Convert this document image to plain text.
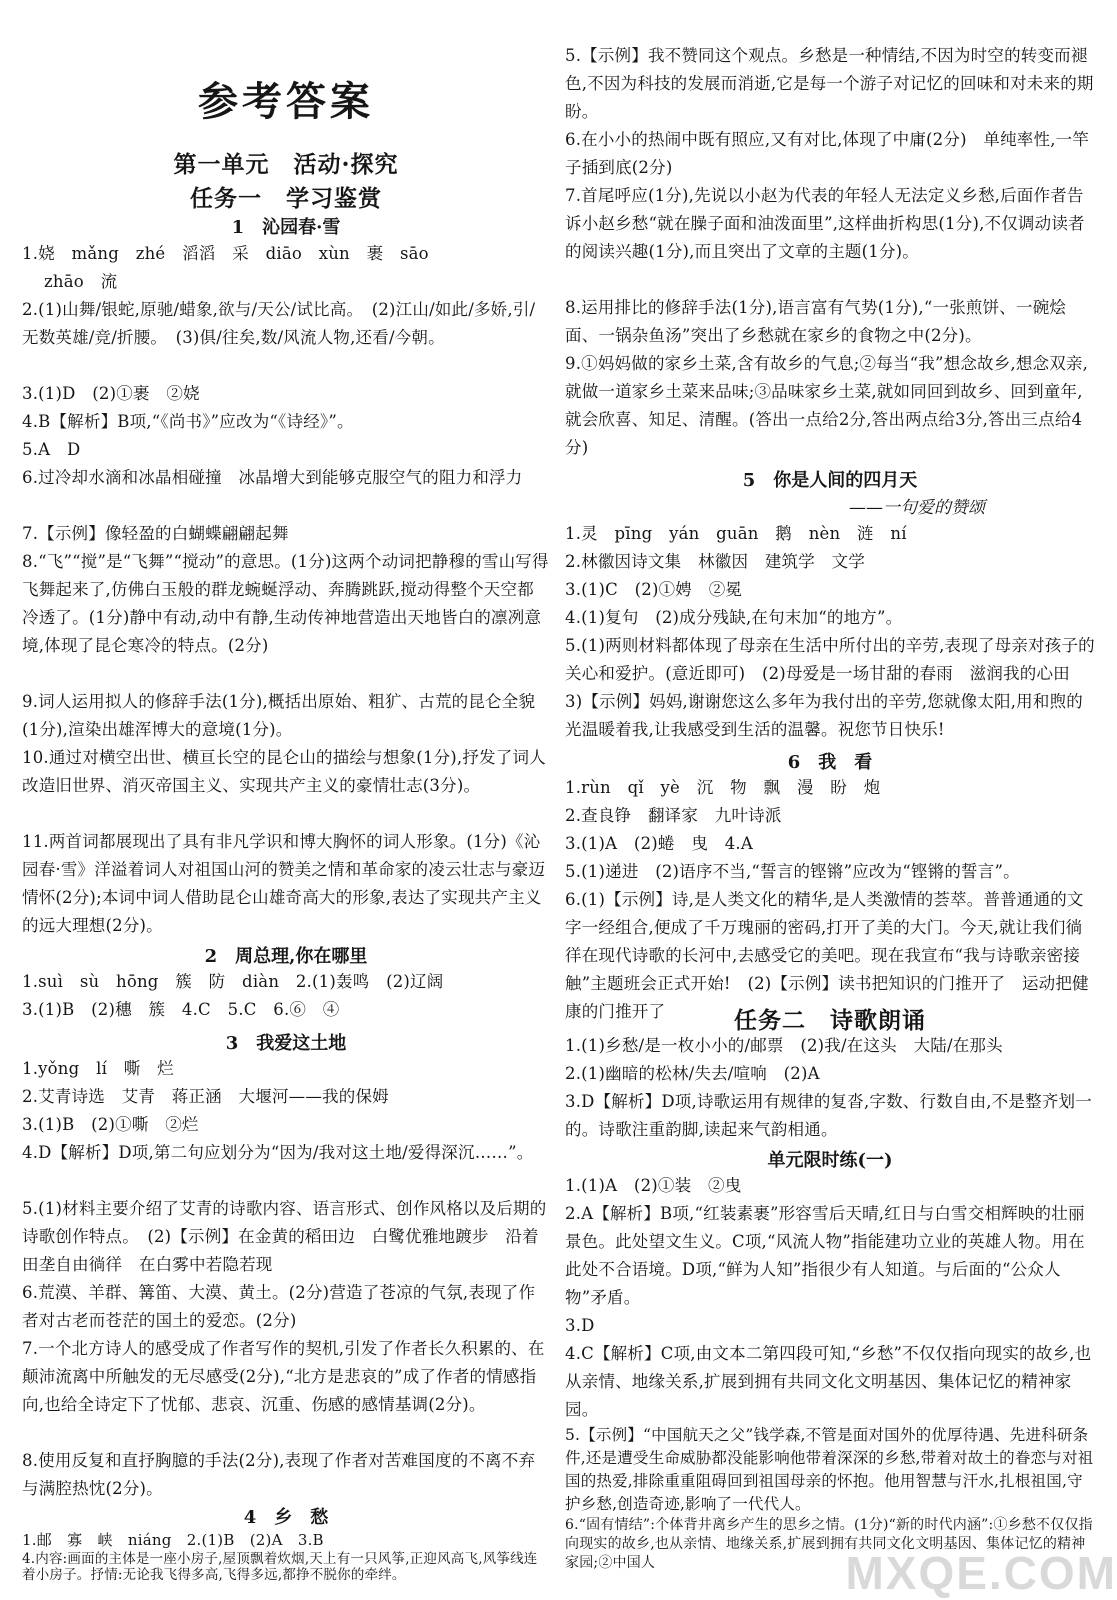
参考答案
第一单元　活动·探究
任务一　学习鉴赏
1　沁园春·雪
1.娆　mǎng　zhé　滔滔　采　diāo　xùn　裹　sāo
zhāo　流
2.(1)山舞/银蛇,原驰/蜡象,欲与/天公/试比高。　(2)江山/如此/多娇,引/无数英雄/竞/折腰。　(3)俱/往矣,数/风流人物,还看/今朝。
3.(1)D　(2)①裹　②娆
4.B【解析】B项,“《尚书》”应改为“《诗经》”。
5.A　D
6.过冷却水滴和冰晶相碰撞　冰晶增大到能够克服空气的阻力和浮力
7.【示例】像轻盈的白蝴蝶翩翩起舞
8.“飞”“搅”是“飞舞”“搅动”的意思。(1分)这两个动词把静穆的雪山写得飞舞起来了,仿佛白玉般的群龙蜿蜒浮动、奔腾跳跃,搅动得整个天空都冷透了。(1分)静中有动,动中有静,生动传神地营造出天地皆白的凛冽意境,体现了昆仑寒冷的特点。(2分)
9.词人运用拟人的修辞手法(1分),概括出原始、粗犷、古荒的昆仑全貌(1分),渲染出雄浑博大的意境(1分)。
10.通过对横空出世、横亘长空的昆仑山的描绘与想象(1分),抒发了词人改造旧世界、消灭帝国主义、实现共产主义的豪情壮志(3分)。
11.两首词都展现出了具有非凡学识和博大胸怀的词人形象。(1分)《沁园春·雪》洋溢着词人对祖国山河的赞美之情和革命家的凌云壮志与豪迈情怀(2分);本词中词人借助昆仑山雄奇高大的形象,表达了实现共产主义的远大理想(2分)。
2　周总理,你在哪里
1.suì　sù　hōng　簇　防　diàn　2.(1)轰鸣　(2)辽阔
3.(1)B　(2)穗　簇　4.C　5.C　6.⑥　④
3　我爱这土地
1.yǒng　lí　嘶　烂
2.艾青诗选　艾青　蒋正涵　大堰河——我的保姆
3.(1)B　(2)①嘶　②烂
4.D【解析】D项,第二句应划分为“因为/我对这土地/爱得深沉……”。
5.(1)材料主要介绍了艾青的诗歌内容、语言形式、创作风格以及后期的诗歌创作特点。　(2)【示例】在金黄的稻田边　白鹭优雅地踱步　沿着田垄自由徜徉　在白雾中若隐若现
6.荒漠、羊群、篝笛、大漠、黄土。(2分)营造了苍凉的气氛,表现了作者对古老而苍茫的国土的爱恋。(2分)
7.一个北方诗人的感受成了作者写作的契机,引发了作者长久积累的、在颠沛流离中所触发的无尽感受(2分),“北方是悲哀的”成了作者的情感指向,也给全诗定下了忧郁、悲哀、沉重、伤感的感情基调(2分)。
8.使用反复和直抒胸臆的手法(2分),表现了作者对苦难国度的不离不弃与满腔热忱(2分)。
4　乡　愁
1.邮　寡　峡　niáng　2.(1)B　(2)A　3.B
4.内容:画面的主体是一座小房子,屋顶飘着炊烟,天上有一只风筝,正迎风高飞,风筝线连着小房子。抒情:无论我飞得多高,飞得多远,都挣不脱你的牵绊。
5.【示例】我不赞同这个观点。乡愁是一种情结,不因为时空的转变而褪色,不因为科技的发展而消逝,它是每一个游子对记忆的回味和对未来的期盼。
6.在小小的热闹中既有照应,又有对比,体现了中庸(2分)　单纯率性,一竿子插到底(2分)
7.首尾呼应(1分),先说以小赵为代表的年轻人无法定义乡愁,后面作者告诉小赵乡愁“就在臊子面和油泼面里”,这样曲折构思(1分),不仅调动读者的阅读兴趣(1分),而且突出了文章的主题(1分)。
8.运用排比的修辞手法(1分),语言富有气势(1分),“一张煎饼、一碗烩面、一锅杂鱼汤”突出了乡愁就在家乡的食物之中(2分)。
9.①妈妈做的家乡土菜,含有故乡的气息;②每当“我”想念故乡,想念双亲,就做一道家乡土菜来品味;③品味家乡土菜,就如同回到故乡、回到童年,就会欣喜、知足、清醒。(答出一点给2分,答出两点给3分,答出三点给4分)
5　你是人间的四月天
——一句爱的赞颂
1.灵　pīng　yán　guān　鹅　nèn　涟　ní
2.林徽因诗文集　林徽因　建筑学　文学
3.(1)C　(2)①娉　②冕
4.(1)复句　(2)成分残缺,在句末加“的地方”。
5.(1)两则材料都体现了母亲在生活中所付出的辛劳,表现了母亲对孩子的关心和爱护。(意近即可)　(2)母爱是一场甘甜的春雨　滋润我的心田　3)【示例】妈妈,谢谢您这么多年为我付出的辛劳,您就像太阳,用和煦的光温暖着我,让我感受到生活的温馨。祝您节日快乐!
6　我　看
1.rùn　qǐ　yè　沉　物　飘　漫　盼　炮
2.查良铮　翻译家　九叶诗派
3.(1)A　(2)蜷　曳　4.A
5.(1)递进　(2)语序不当,“誓言的铿锵”应改为“铿锵的誓言”。
6.(1)【示例】诗,是人类文化的精华,是人类激情的荟萃。普普通通的文字一经组合,便成了千万瑰丽的密码,打开了美的大门。今天,就让我们徜徉在现代诗歌的长河中,去感受它的美吧。现在我宣布“我与诗歌亲密接触”主题班会正式开始!　(2)【示例】读书把知识的门推开了　运动把健康的门推开了	任务二　诗歌朗诵
1.(1)乡愁/是一枚小小的/邮票　(2)我/在这头　大陆/在那头
2.(1)幽暗的松林/失去/喧响　(2)A
3.D【解析】D项,诗歌运用有规律的复沓,字数、行数自由,不是整齐划一的。诗歌注重韵脚,读起来气韵相通。
单元限时练(一)
1.(1)A　(2)①装　②曳
2.A【解析】B项,“红装素裹”形容雪后天晴,红日与白雪交相辉映的壮丽景色。此处望文生义。C项,“风流人物”指能建功立业的英雄人物。用在此处不合语境。D项,“鲜为人知”指很少有人知道。与后面的“公众人物”矛盾。
3.D
4.C【解析】C项,由文本二第四段可知,“乡愁”不仅仅指向现实的故乡,也从亲情、地缘关系,扩展到拥有共同文化文明基因、集体记忆的精神家园。
5.【示例】“中国航天之父”钱学森,不管是面对国外的优厚待遇、先进科研条件,还是遭受生命威胁都没能影响他带着深深的乡愁,带着对故土的眷恋与对祖国的热爱,排除重重阻碍回到祖国母亲的怀抱。他用智慧与汗水,扎根祖国,守护乡愁,创造奇迹,影响了一代代人。
6.“固有情结”:个体背井离乡产生的思乡之情。(1分)“新的时代内涵”:①乡愁不仅仅指向现实的故乡,也从亲情、地缘关系,扩展到拥有共同文化文明基因、集体记忆的精神家园;②中国人	MXQE.COM
